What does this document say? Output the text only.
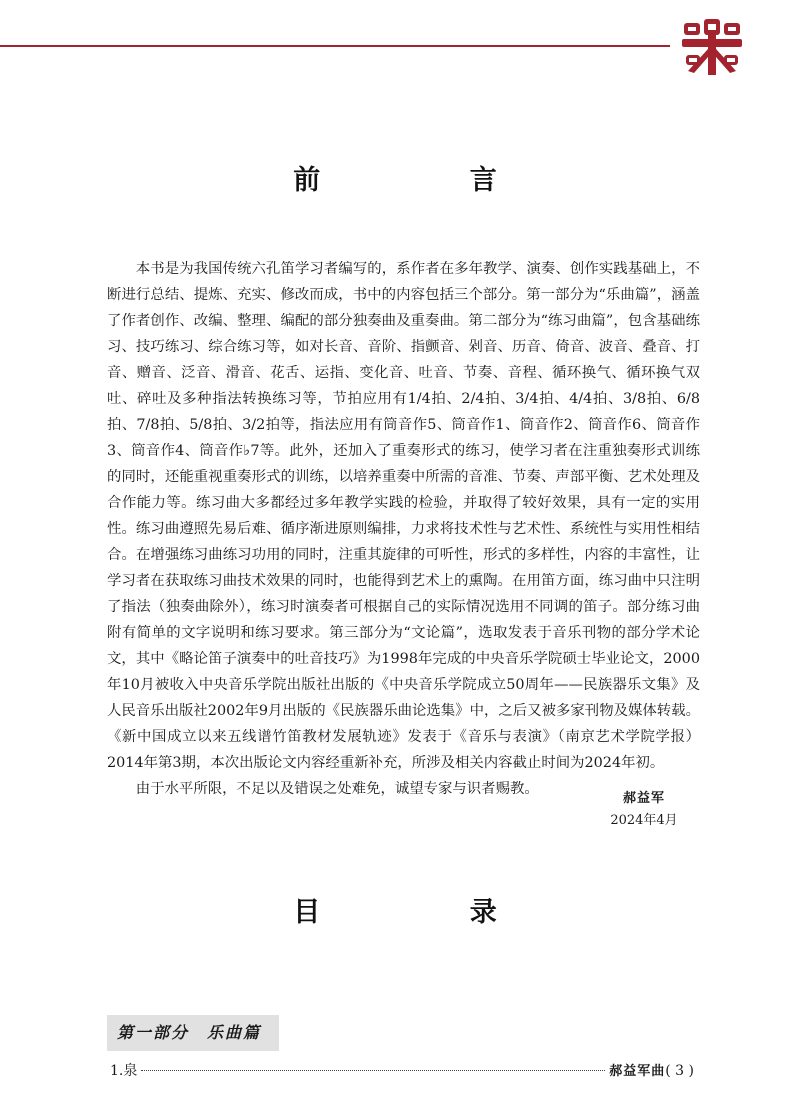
前 言

本书是为我国传统六孔笛学习者编写的，系作者在多年教学、演奏、创作实践基础上，不断进行总结、提炼、充实、修改而成，书中的内容包括三个部分。第一部分为“乐曲篇”，涵盖了作者创作、改编、整理、编配的部分独奏曲及重奏曲。第二部分为“练习曲篇”，包含基础练习、技巧练习、综合练习等，如对长音、音阶、指颤音、剁音、历音、倚音、波音、叠音、打音、赠音、泛音、滑音、花舌、运指、变化音、吐音、节奏、音程、循环换气、循环换气双吐、碎吐及多种指法转换练习等，节拍应用有1/4拍、2/4拍、3/4拍、4/4拍、3/8拍、6/8拍、7/8拍、5/8拍、3/2拍等，指法应用有筒音作5、筒音作1、筒音作2、筒音作6、筒音作3、筒音作4、筒音作♭7等。此外，还加入了重奏形式的练习，使学习者在注重独奏形式训练的同时，还能重视重奏形式的训练，以培养重奏中所需的音准、节奏、声部平衡、艺术处理及合作能力等。练习曲大多都经过多年教学实践的检验，并取得了较好效果，具有一定的实用性。练习曲遵照先易后难、循序渐进原则编排，力求将技术性与艺术性、系统性与实用性相结合。在增强练习曲练习功用的同时，注重其旋律的可听性，形式的多样性，内容的丰富性，让学习者在获取练习曲技术效果的同时，也能得到艺术上的熏陶。在用笛方面，练习曲中只注明了指法（独奏曲除外），练习时演奏者可根据自己的实际情况选用不同调的笛子。部分练习曲附有简单的文字说明和练习要求。第三部分为“文论篇”，选取发表于音乐刊物的部分学术论文，其中《略论笛子演奏中的吐音技巧》为1998年完成的中央音乐学院硕士毕业论文，2000年10月被收入中央音乐学院出版社出版的《中央音乐学院成立50周年——民族器乐文集》及人民音乐出版社2002年9月出版的《民族器乐曲论选集》中，之后又被多家刊物及媒体转载。《新中国成立以来五线谱竹笛教材发展轨迹》发表于《音乐与表演》（南京艺术学院学报）2014年第3期，本次出版论文内容经重新补充，所涉及相关内容截止时间为2024年初。

由于水平所限，不足以及错误之处难免，诚望专家与识者赐教。

郝益军
2024年4月
目 录
第一部分　乐曲篇
1. 泉	郝益军曲 ( 3 )
